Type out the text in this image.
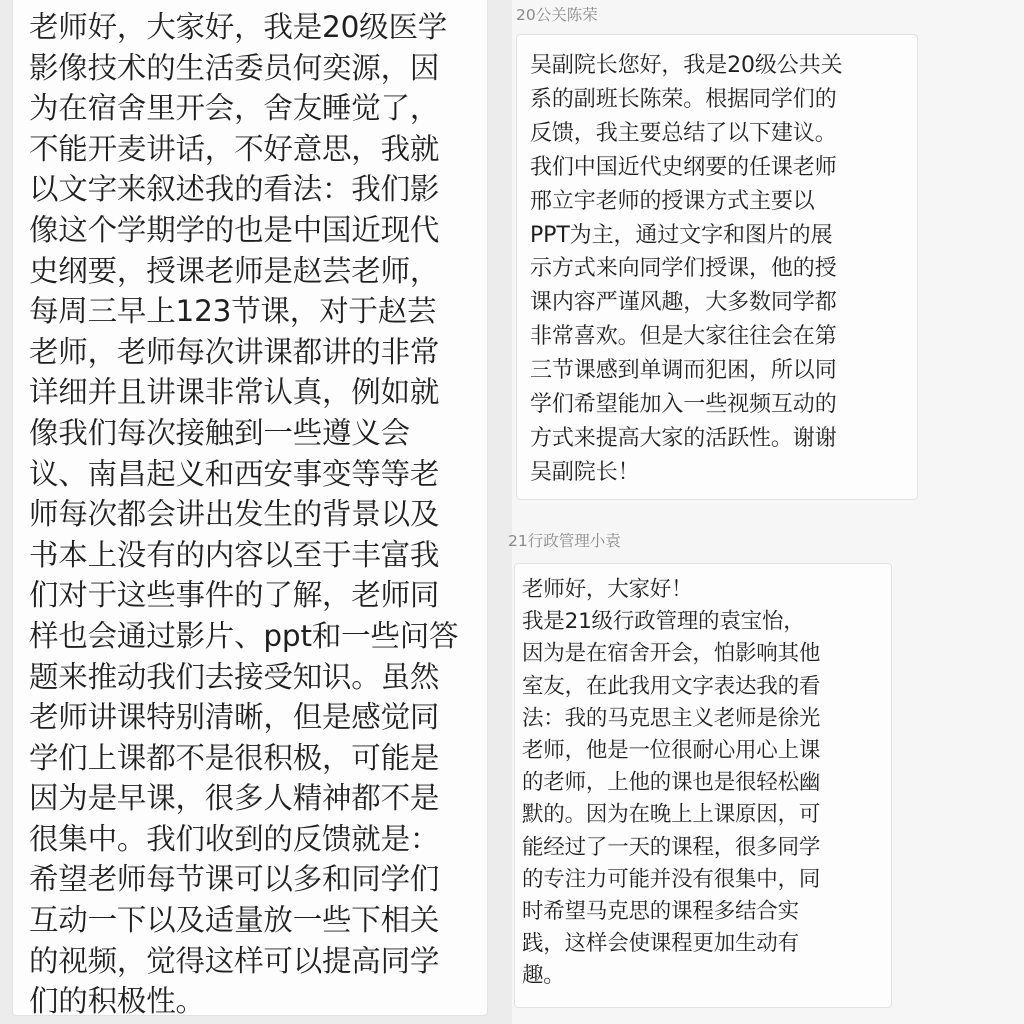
老师好，大家好，我是20级医学
影像技术的生活委员何奕源，因
为在宿舍里开会，舍友睡觉了，
不能开麦讲话，不好意思，我就
以文字来叙述我的看法：我们影
像这个学期学的也是中国近现代
史纲要，授课老师是赵芸老师，
每周三早上123节课，对于赵芸
老师，老师每次讲课都讲的非常
详细并且讲课非常认真，例如就
像我们每次接触到一些遵义会
议、南昌起义和西安事变等等老
师每次都会讲出发生的背景以及
书本上没有的内容以至于丰富我
们对于这些事件的了解，老师同
样也会通过影片、ppt和一些问答
题来推动我们去接受知识。虽然
老师讲课特别清晰，但是感觉同
学们上课都不是很积极，可能是
因为是早课，很多人精神都不是
很集中。我们收到的反馈就是：
希望老师每节课可以多和同学们
互动一下以及适量放一些下相关
的视频，觉得这样可以提高同学
们的积极性。

20公关陈荣

吴副院长您好，我是20级公共关
系的副班长陈荣。根据同学们的
反馈，我主要总结了以下建议。
我们中国近代史纲要的任课老师
邢立宇老师的授课方式主要以
PPT为主，通过文字和图片的展
示方式来向同学们授课，他的授
课内容严谨风趣，大多数同学都
非常喜欢。但是大家往往会在第
三节课感到单调而犯困，所以同
学们希望能加入一些视频互动的
方式来提高大家的活跃性。谢谢
吴副院长！

21行政管理小袁

老师好，大家好！
我是21级行政管理的袁宝怡，
因为是在宿舍开会，怕影响其他
室友，在此我用文字表达我的看
法：我的马克思主义老师是徐光
老师，他是一位很耐心用心上课
的老师，上他的课也是很轻松幽
默的。因为在晚上上课原因，可
能经过了一天的课程，很多同学
的专注力可能并没有很集中，同
时希望马克思的课程多结合实
践，这样会使课程更加生动有
趣。
